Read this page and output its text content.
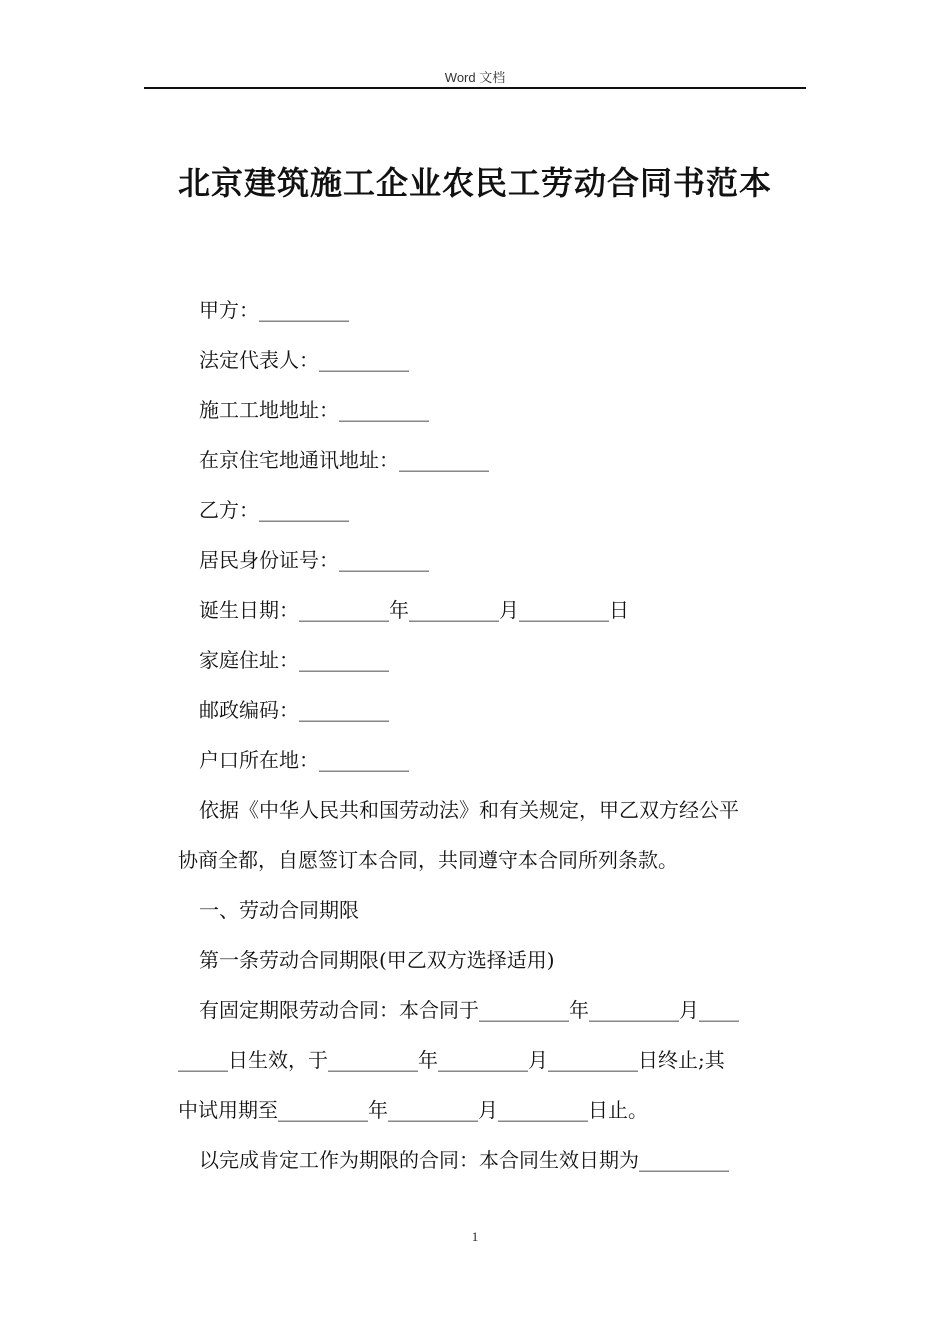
Word 文档
北京建筑施工企业农民工劳动合同书范本
甲方：_________
法定代表人：_________
施工工地地址：_________
在京住宅地通讯地址：_________
乙方：_________
居民身份证号：_________
诞生日期：_________年_________月_________日
家庭住址：_________
邮政编码：_________
户口所在地：_________
依据《中华人民共和国劳动法》和有关规定，甲乙双方经公平
协商全都，自愿签订本合同，共同遵守本合同所列条款。
一、劳动合同期限
第一条劳动合同期限(甲乙双方选择适用)
有固定期限劳动合同：本合同于_________年_________月____
_____日生效，于_________年_________月_________日终止;其
中试用期至_________年_________月_________日止。
以完成肯定工作为期限的合同：本合同生效日期为_________
1
